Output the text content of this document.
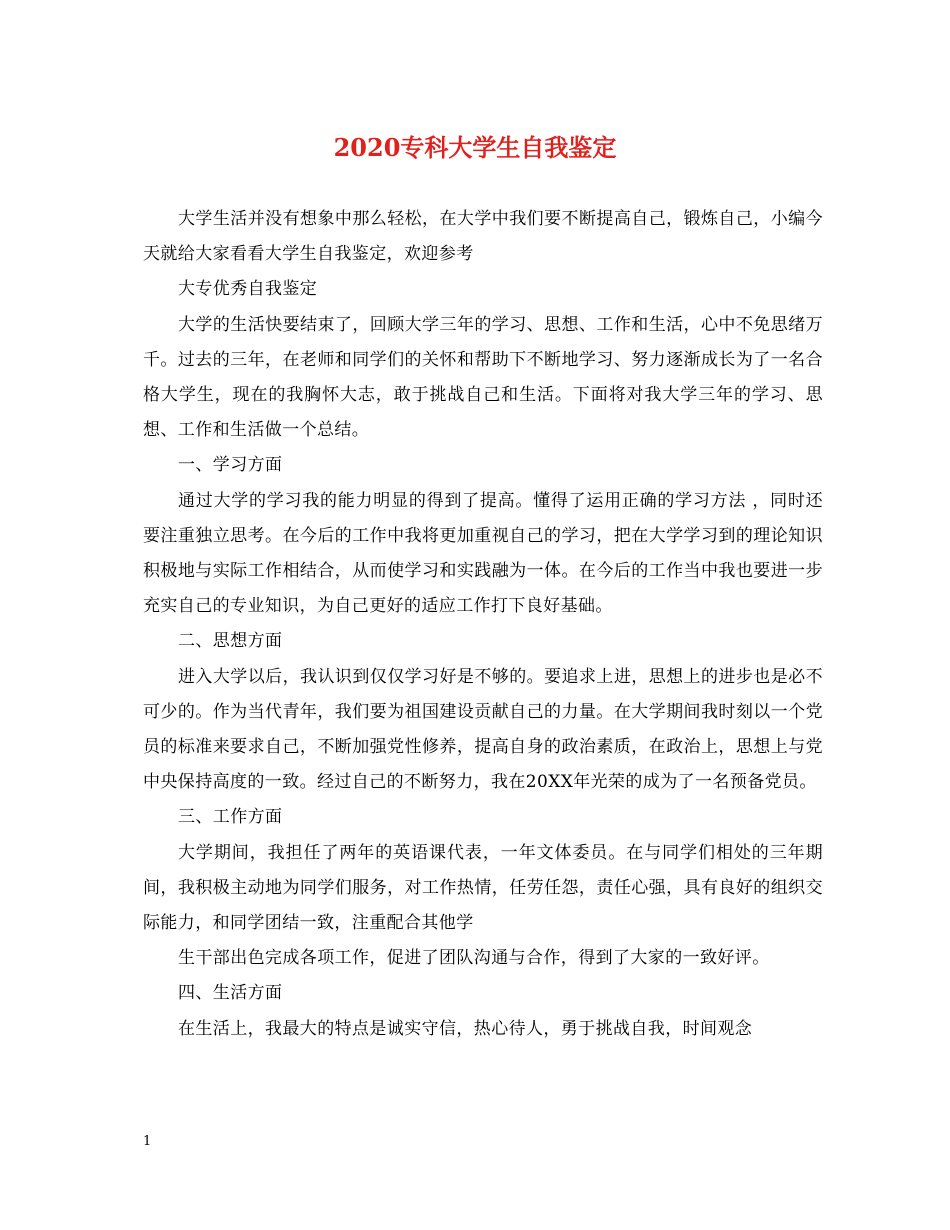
2020专科大学生自我鉴定

大学生活并没有想象中那么轻松，在大学中我们要不断提高自己，锻炼自己，小编今天就给大家看看大学生自我鉴定，欢迎参考

大专优秀自我鉴定

大学的生活快要结束了，回顾大学三年的学习、思想、工作和生活，心中不免思绪万千。过去的三年，在老师和同学们的关怀和帮助下不断地学习、努力逐渐成长为了一名合格大学生，现在的我胸怀大志，敢于挑战自己和生活。下面将对我大学三年的学习、思想、工作和生活做一个总结。

一、学习方面

通过大学的学习我的能力明显的得到了提高。懂得了运用正确的学习方法 ，同时还要注重独立思考。在今后的工作中我将更加重视自己的学习，把在大学学习到的理论知识积极地与实际工作相结合，从而使学习和实践融为一体。在今后的工作当中我也要进一步充实自己的专业知识，为自己更好的适应工作打下良好基础。

二、思想方面

进入大学以后，我认识到仅仅学习好是不够的。要追求上进，思想上的进步也是必不可少的。作为当代青年，我们要为祖国建设贡献自己的力量。在大学期间我时刻以一个党员的标准来要求自己，不断加强党性修养，提高自身的政治素质，在政治上，思想上与党中央保持高度的一致。经过自己的不断努力，我在20XX年光荣的成为了一名预备党员。

三、工作方面

大学期间，我担任了两年的英语课代表，一年文体委员。在与同学们相处的三年期间，我积极主动地为同学们服务，对工作热情，任劳任怨，责任心强，具有良好的组织交际能力，和同学团结一致，注重配合其他学

生干部出色完成各项工作，促进了团队沟通与合作，得到了大家的一致好评。

四、生活方面

在生活上，我最大的特点是诚实守信，热心待人，勇于挑战自我，时间观念

1
